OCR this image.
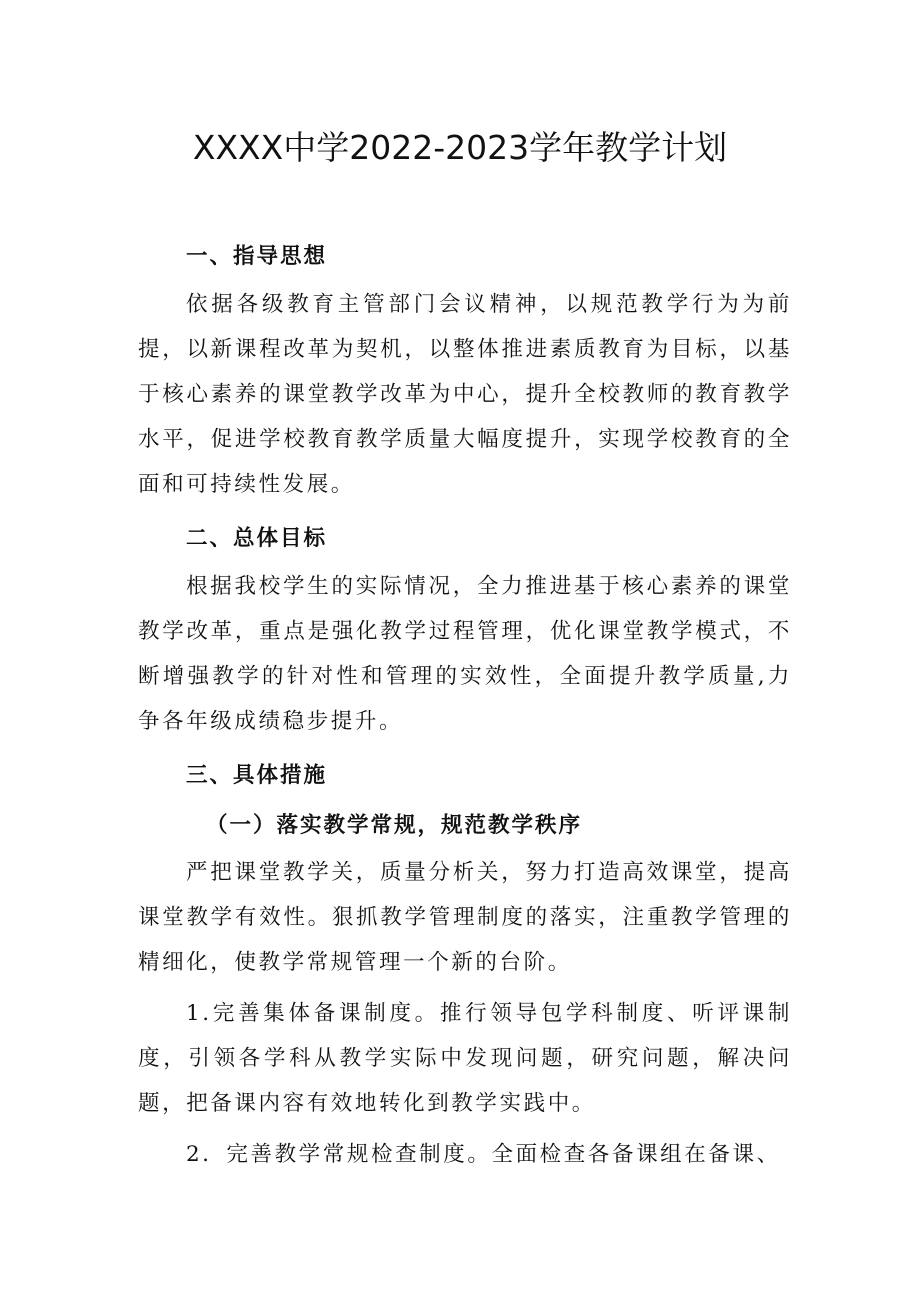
XXXX中学2022-2023学年教学计划

一、指导思想

依据各级教育主管部门会议精神，以规范教学行为为前提，以新课程改革为契机，以整体推进素质教育为目标，以基于核心素养的课堂教学改革为中心，提升全校教师的教育教学水平，促进学校教育教学质量大幅度提升，实现学校教育的全面和可持续性发展。

二、总体目标

根据我校学生的实际情况，全力推进基于核心素养的课堂教学改革，重点是强化教学过程管理，优化课堂教学模式，不断增强教学的针对性和管理的实效性，全面提升教学质量,力争各年级成绩稳步提升。

三、具体措施

（一）落实教学常规，规范教学秩序

严把课堂教学关，质量分析关，努力打造高效课堂，提高课堂教学有效性。狠抓教学管理制度的落实，注重教学管理的精细化，使教学常规管理一个新的台阶。

1.完善集体备课制度。推行领导包学科制度、听评课制度，引领各学科从教学实际中发现问题，研究问题，解决问题，把备课内容有效地转化到教学实践中。

2．完善教学常规检查制度。全面检查各备课组在备课、
